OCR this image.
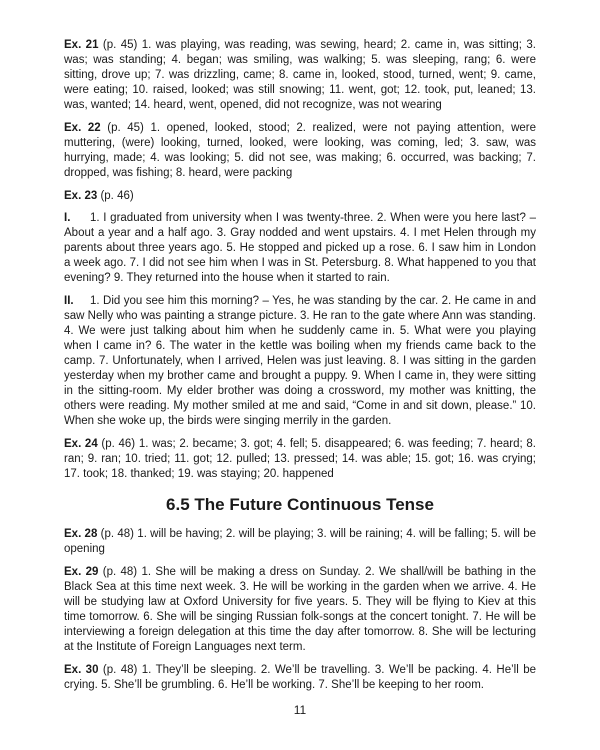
Ex. 21 (p. 45) 1. was playing, was reading, was sewing, heard; 2. came in, was sitting; 3. was; was standing; 4. began; was smiling, was walking; 5. was sleeping, rang; 6. were sitting, drove up; 7. was drizzling, came; 8. came in, looked, stood, turned, went; 9. came, were eating; 10. raised, looked; was still snowing; 11. went, got; 12. took, put, leaned; 13. was, wanted; 14. heard, went, opened, did not recognize, was not wearing

Ex. 22 (p. 45) 1. opened, looked, stood; 2. realized, were not paying attention, were muttering, (were) looking, turned, looked, were looking, was coming, led; 3. saw, was hurrying, made; 4. was looking; 5. did not see, was making; 6. occurred, was backing; 7. dropped, was fishing; 8. heard, were packing

Ex. 23 (p. 46)

I. 1. I graduated from university when I was twenty-three. 2. When were you here last? – About a year and a half ago. 3. Gray nodded and went upstairs. 4. I met Helen through my parents about three years ago. 5. He stopped and picked up a rose. 6. I saw him in London a week ago. 7. I did not see him when I was in St. Petersburg. 8. What happened to you that evening? 9. They returned into the house when it started to rain.

II. 1. Did you see him this morning? – Yes, he was standing by the car. 2. He came in and saw Nelly who was painting a strange picture. 3. He ran to the gate where Ann was standing. 4. We were just talking about him when he suddenly came in. 5. What were you playing when I came in? 6. The water in the kettle was boiling when my friends came back to the camp. 7. Unfortunately, when I arrived, Helen was just leaving. 8. I was sitting in the garden yesterday when my brother came and brought a puppy. 9. When I came in, they were sitting in the sitting-room. My elder brother was doing a crossword, my mother was knitting, the others were reading. My mother smiled at me and said, “Come in and sit down, please.” 10. When she woke up, the birds were singing merrily in the garden.

Ex. 24 (p. 46) 1. was; 2. became; 3. got; 4. fell; 5. disappeared; 6. was feeding; 7. heard; 8. ran; 9. ran; 10. tried; 11. got; 12. pulled; 13. pressed; 14. was able; 15. got; 16. was crying; 17. took; 18. thanked; 19. was staying; 20. happened

6.5 The Future Continuous Tense

Ex. 28 (p. 48) 1. will be having; 2. will be playing; 3. will be raining; 4. will be falling; 5. will be opening

Ex. 29 (p. 48) 1. She will be making a dress on Sunday. 2. We shall/will be bathing in the Black Sea at this time next week. 3. He will be working in the garden when we arrive. 4. He will be studying law at Oxford University for five years. 5. They will be flying to Kiev at this time tomorrow. 6. She will be singing Russian folk-songs at the concert tonight. 7. He will be interviewing a foreign delegation at this time the day after tomorrow. 8. She will be lecturing at the Institute of Foreign Languages next term.

Ex. 30 (p. 48) 1. They’ll be sleeping. 2. We’ll be travelling. 3. We’ll be packing. 4. He’ll be crying. 5. She’ll be grumbling. 6. He’ll be working. 7. She’ll be keeping to her room.

11
